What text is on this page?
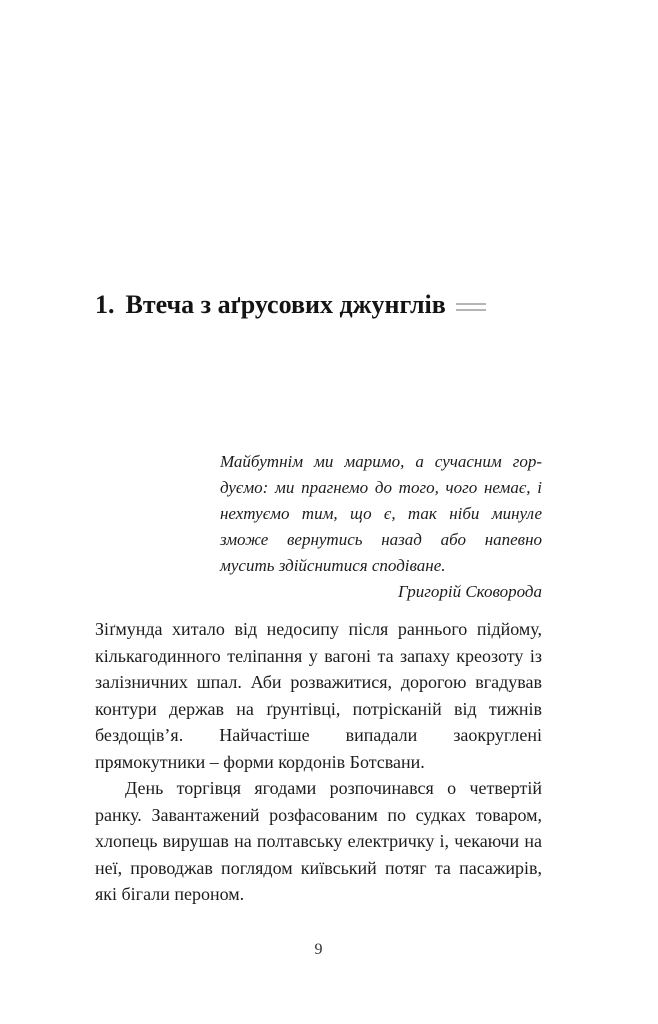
1. Втеча з аґрусових джунглів

Майбутнім ми маримо, а сучасним гордуємо: ми прагнемо до того, чого немає, і нехтуємо тим, що є, так ніби минуле зможе вернутись назад або напевно мусить здійснитися сподіване.

Григорій Сковорода

Зіґмунда хитало від недосипу після раннього підйому, кількагодинного теліпання у вагоні та запаху креозоту із залізничних шпал. Аби розважитися, дорогою вгадував контури держав на ґрунтівці, потрісканій від тижнів бездощів’я. Найчастіше випадали заокруглені прямокутники – форми кордонів Ботсвани.

День торгівця ягодами розпочинався о четвертій ранку. Завантажений розфасованим по судках товаром, хлопець вирушав на полтавську електричку і, чекаючи на неї, проводжав поглядом київський потяг та пасажирів, які бігали пероном.

9
